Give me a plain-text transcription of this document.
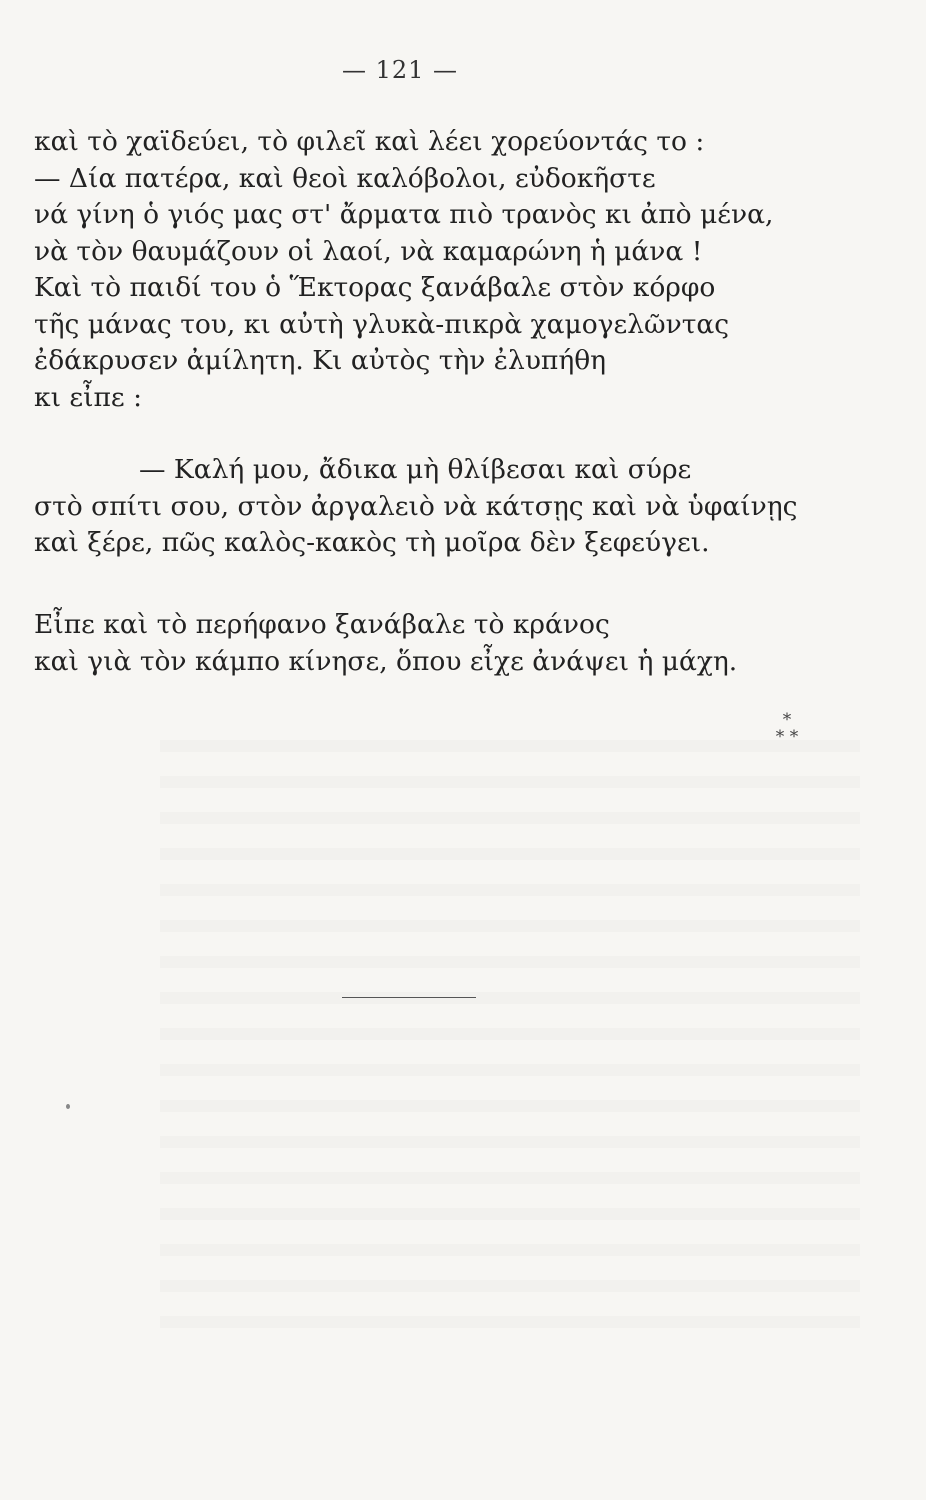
— 121 —
καὶ τὸ χαϊδεύει, τὸ φιλεῖ καὶ λέει χορεύοντάς το :
— Δία πατέρα, καὶ θεοὶ καλόβολοι, εὐδοκῆστε
νά γίνη ὁ γιός μας στ' ἄρματα πιὸ τρανὸς κι ἀπὸ μένα,
νὰ τὸν θαυμάζουν οἱ λαοί, νὰ καμαρώνη ἡ μάνα !
Καὶ τὸ παιδί του ὁ Ἕκτορας ξανάβαλε στὸν κόρφο
τῆς μάνας του, κι αὐτὴ γλυκὰ-πικρὰ χαμογελῶντας
ἐδάκρυσεν ἀμίλητη. Κι αὐτὸς τὴν ἐλυπήθη
κι εἶπε :
— Καλή μου, ἄδικα μὴ θλίβεσαι καὶ σύρε
στὸ σπίτι σου, στὸν ἀργαλειὸ νὰ κάτσῃς καὶ νὰ ὑφαίνῃς
καὶ ξέρε, πῶς καλὸς-κακὸς τὴ μοῖρα δὲν ξεφεύγει.
Εἶπε καὶ τὸ περήφανο ξανάβαλε τὸ κράνος
καὶ γιὰ τὸν κάμπο κίνησε, ὅπου εἶχε ἀνάψει ἡ μάχη.
*
* *
